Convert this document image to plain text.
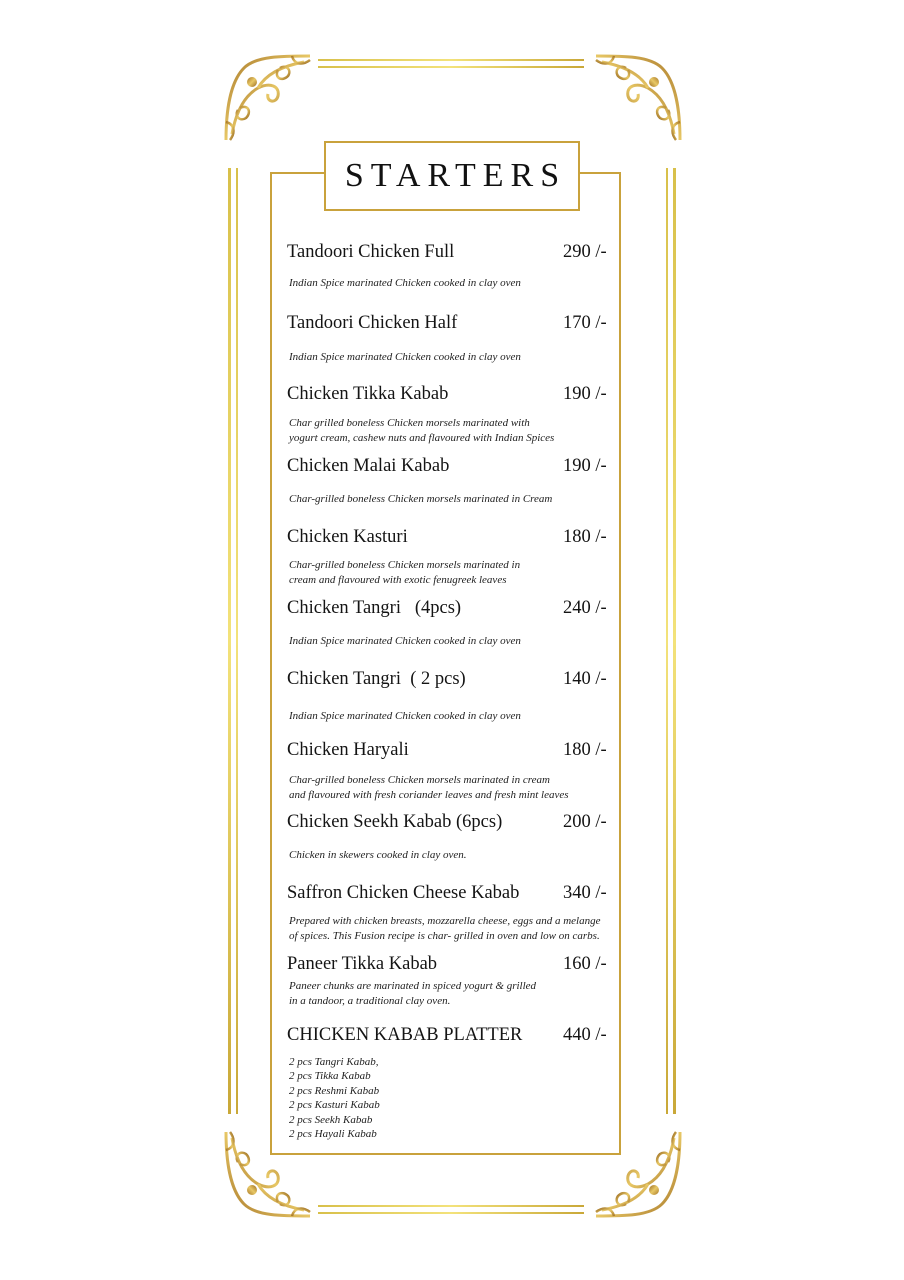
STARTERS
Tandoori Chicken Full	290 /-
Indian Spice marinated Chicken cooked in clay oven
Tandoori Chicken Half	170 /-
Indian Spice marinated Chicken cooked in clay oven
Chicken Tikka Kabab	190 /-
Char grilled boneless Chicken morsels marinated with
yogurt cream, cashew nuts and flavoured with Indian Spices
Chicken Malai Kabab	190 /-
Char-grilled boneless Chicken morsels marinated in Cream
Chicken Kasturi	180 /-
Char-grilled boneless Chicken morsels marinated in
cream and flavoured with exotic fenugreek leaves
Chicken Tangri   (4pcs)	240 /-
Indian Spice marinated Chicken cooked in clay oven
Chicken Tangri  ( 2 pcs)	140 /-
Indian Spice marinated Chicken cooked in clay oven
Chicken Haryali	180 /-
Char-grilled boneless Chicken morsels marinated in cream
and flavoured with fresh coriander leaves and fresh mint leaves
Chicken Seekh Kabab (6pcs)	200 /-
Chicken in skewers cooked in clay oven.
Saffron Chicken Cheese Kabab 340 /-
Prepared with chicken breasts, mozzarella cheese, eggs and a melange
of spices. This Fusion recipe is char- grilled in oven and low on carbs.
Paneer Tikka Kabab	160 /-
Paneer chunks are marinated in spiced yogurt & grilled
in a tandoor, a traditional clay oven.
CHICKEN KABAB PLATTER 440 /-
2 pcs Tangri Kabab,
2 pcs Tikka Kabab
2 pcs Reshmi Kabab
2 pcs Kasturi Kabab
2 pcs Seekh Kabab
2 pcs Hayali Kabab
